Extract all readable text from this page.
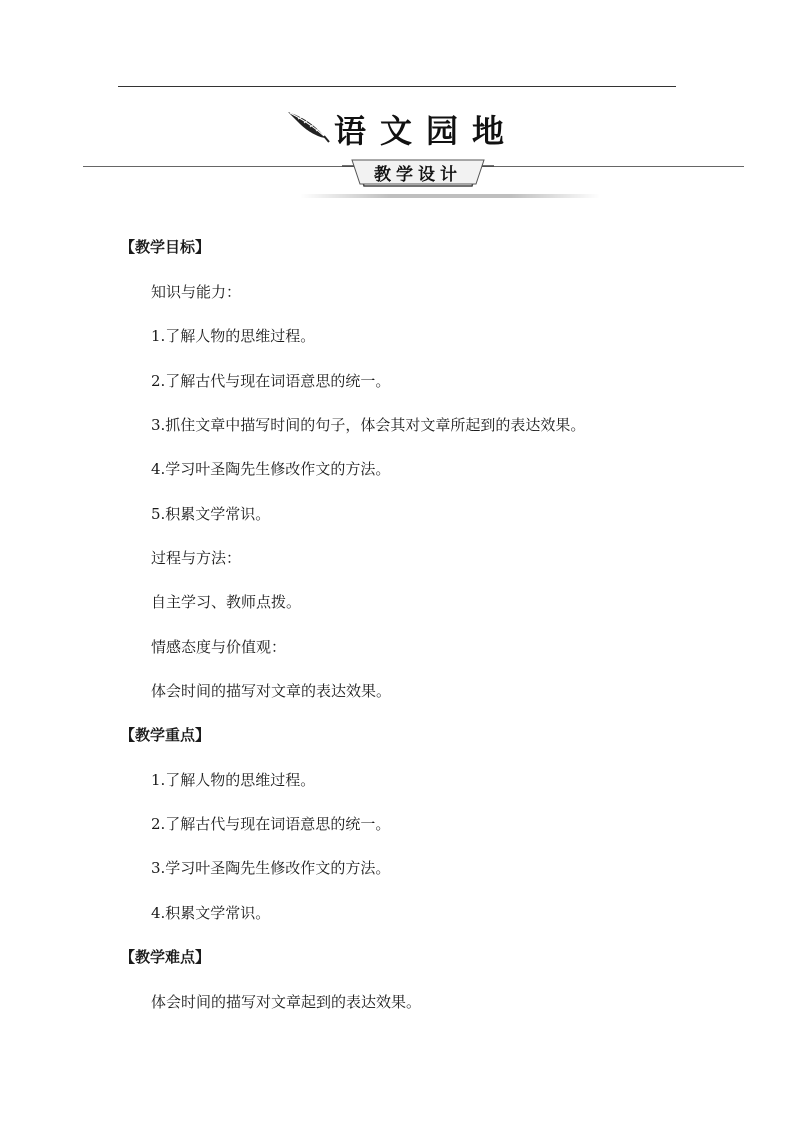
语文园地
教学设计
【教学目标】
知识与能力：
1.了解人物的思维过程。
2.了解古代与现在词语意思的统一。
3.抓住文章中描写时间的句子，体会其对文章所起到的表达效果。
4.学习叶圣陶先生修改作文的方法。
5.积累文学常识。
过程与方法：
自主学习、教师点拨。
情感态度与价值观：
体会时间的描写对文章的表达效果。
【教学重点】
1.了解人物的思维过程。
2.了解古代与现在词语意思的统一。
3.学习叶圣陶先生修改作文的方法。
4.积累文学常识。
【教学难点】
体会时间的描写对文章起到的表达效果。
